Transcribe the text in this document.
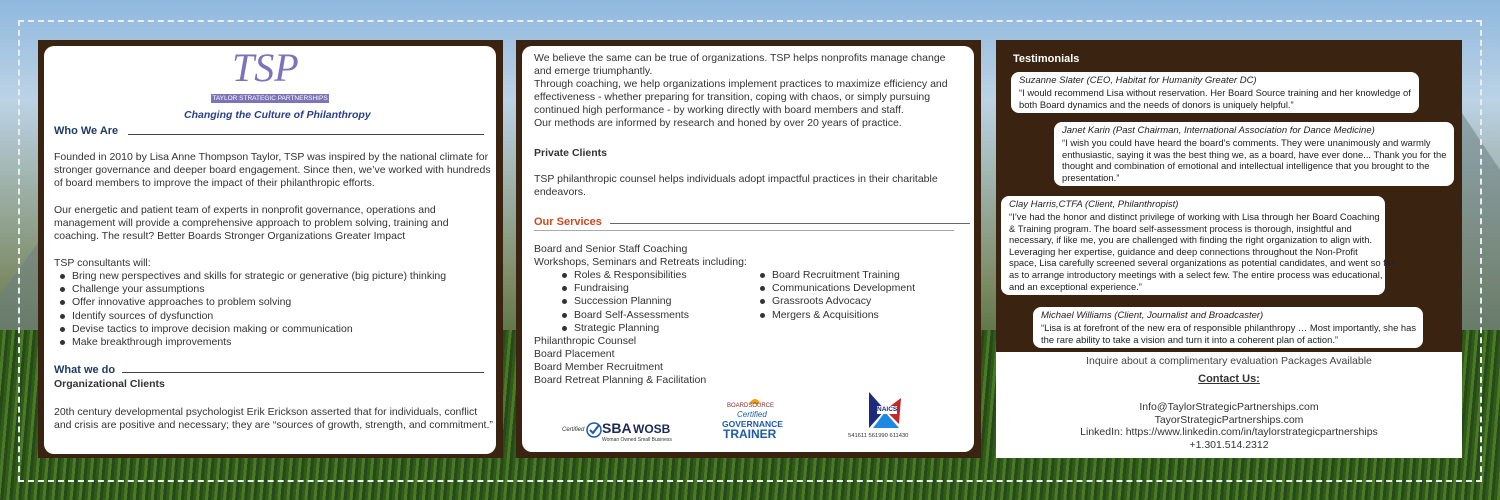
TSP
TAYLOR STRATEGIC PARTNERSHIPS
Changing the Culture of Philanthropy
Who We Are
Founded in 2010 by Lisa Anne Thompson Taylor, TSP was inspired by the national climate for
stronger governance and deeper board engagement. Since then, we’ve worked with hundreds
of board members to improve the impact of their philanthropic efforts.
Our energetic and patient team of experts in nonprofit governance, operations and
management will provide a comprehensive approach to problem solving, training and
coaching. The result? Better Boards Stronger Organizations Greater Impact
TSP consultants will:
Bring new perspectives and skills for strategic or generative (big picture) thinking
Challenge your assumptions
Offer innovative approaches to problem solving
Identify sources of dysfunction
Devise tactics to improve decision making or communication
Make breakthrough improvements
What we do
Organizational Clients
20th century developmental psychologist Erik Erickson asserted that for individuals, conflict
and crisis are positive and necessary; they are “sources of growth, strength, and commitment.”
We believe the same can be true of organizations. TSP helps nonprofits manage change
and emerge triumphantly.
Through coaching, we help organizations implement practices to maximize efficiency and
effectiveness - whether preparing for transition, coping with chaos, or simply pursuing
continued high performance - by working directly with board members and staff.
Our methods are informed by research and honed by over 20 years of practice.
Private Clients
TSP philanthropic counsel helps individuals adopt impactful practices in their charitable
endeavors.
Our Services
Board and Senior Staff Coaching
Workshops, Seminars and Retreats including:
Roles & Responsibilities
Fundraising
Succession Planning
Board Self-Assessments
Strategic Planning
Board Recruitment Training
Communications Development
Grassroots Advocacy
Mergers & Acquisitions
Philanthropic Counsel
Board Placement
Board Member Recruitment
Board Retreat Planning & Facilitation
Certified SBA WOSB
Woman Owned Small Business
BOARDSOURCE
Certified
GOVERNANCE
TRAINER
NAICS
541611 561990 611430
Testimonials
Suzanne Slater (CEO, Habitat for Humanity Greater DC)
“I would recommend Lisa without reservation. Her Board Source training and her knowledge of
both Board dynamics and the needs of donors is uniquely helpful.”
Janet Karin (Past Chairman, International Association for Dance Medicine)
“I wish you could have heard the board’s comments. They were unanimously and warmly
enthusiastic, saying it was the best thing we, as a board, have ever done... Thank you for the
thought and combination of emotional and intellectual intelligence that you brought to the
presentation.”
Clay Harris,CTFA (Client, Philanthropist)
“I’ve had the honor and distinct privilege of working with Lisa through her Board Coaching
& Training program. The board self-assessment process is thorough, insightful and
necessary, if like me, you are challenged with finding the right organization to align with.
Leveraging her expertise, guidance and deep connections throughout the Non-Profit
space, Lisa carefully screened several organizations as potential candidates, and went so far
as to arrange introductory meetings with a select few. The entire process was educational,
and an exceptional experience.”
Michael Williams (Client, Journalist and Broadcaster)
“Lisa is at forefront of the new era of responsible philanthropy … Most importantly, she has
the rare ability to take a vision and turn it into a coherent plan of action.”
Inquire about a complimentary evaluation Packages Available
Contact Us:
Info@TaylorStrategicPartnerships.com
TayorStrategicPartnerships.com
LinkedIn: https://www.linkedin.com/in/taylorstrategicpartnerships
+1.301.514.2312
